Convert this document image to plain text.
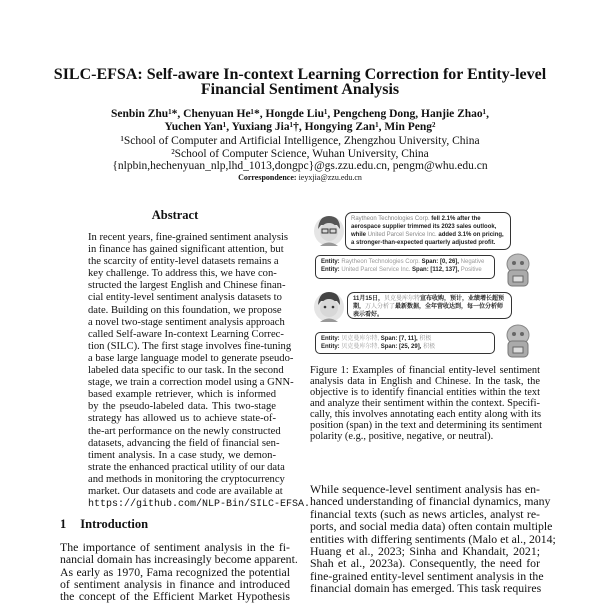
SILC-EFSA: Self-aware In-context Learning Correction for Entity-level
Financial Sentiment Analysis
Senbin Zhu¹*, Chenyuan He¹*, Hongde Liu¹, Pengcheng Dong, Hanjie Zhao¹,
Yuchen Yan¹, Yuxiang Jia¹†, Hongying Zan¹, Min Peng²
¹School of Computer and Artificial Intelligence, Zhengzhou University, China
²School of Computer Science, Wuhan University, China
{nlpbin,hechenyuan_nlp,lhd_1013,dongpc}@gs.zzu.edu.cn, pengm@whu.edu.cn
Correspondence: ieyxjia@zzu.edu.cn
Abstract
In recent years, fine-grained sentiment analysis
in finance has gained significant attention, but
the scarcity of entity-level datasets remains a
key challenge. To address this, we have con-
structed the largest English and Chinese finan-
cial entity-level sentiment analysis datasets to
date. Building on this foundation, we propose
a novel two-stage sentiment analysis approach
called Self-aware In-context Learning Correc-
tion (SILC). The first stage involves fine-tuning
a base large language model to generate pseudo-
labeled data specific to our task. In the second
stage, we train a correction model using a GNN-
based example retriever, which is informed
by the pseudo-labeled data. This two-stage
strategy has allowed us to achieve state-of-
the-art performance on the newly constructed
datasets, advancing the field of financial sen-
timent analysis. In a case study, we demon-
strate the enhanced practical utility of our data
and methods in monitoring the cryptocurrency
market. Our datasets and code are available at
https://github.com/NLP-Bin/SILC-EFSA.
1 Introduction
The importance of sentiment analysis in the fi-
nancial domain has increasingly become apparent.
As early as 1970, Fama recognized the potential
of sentiment analysis in finance and introduced
the concept of the Efficient Market Hypothesis
Raytheon Technologies Corp. fell 2.1% after the aerospace supplier trimmed its 2023 sales outlook, while United Parcel Service Inc. added 3.1% on pricing, a stronger-than-expected quarterly adjusted profit.
Entity: Raytheon Technologies Corp. Span: [0, 26], Negative
Entity: United Parcel Service Inc. Span: [112, 137], Positive
11月15日，贝克曼库尔特宣布收购，预计，业绩增长超预期，万人分析了最新数据，全年营收达到，每一位分析师表示看好。
Entity: 贝克曼库尔特, Span: [7, 11], 积极
Entity: 贝克曼库尔特, Span: [25, 29], 积极
Figure 1: Examples of financial entity-level sentiment
analysis data in English and Chinese. In the task, the
objective is to identify financial entities within the text
and analyze their sentiment within the context. Specifi-
cally, this involves annotating each entity along with its
position (span) in the text and determining its sentiment
polarity (e.g., positive, negative, or neutral).
While sequence-level sentiment analysis has en-
hanced understanding of financial dynamics, many
financial texts (such as news articles, analyst re-
ports, and social media data) often contain multiple
entities with differing sentiments (Malo et al., 2014;
Huang et al., 2023; Sinha and Khandait, 2021;
Shah et al., 2023a). Consequently, the need for
fine-grained entity-level sentiment analysis in the
financial domain has emerged. This task requires
